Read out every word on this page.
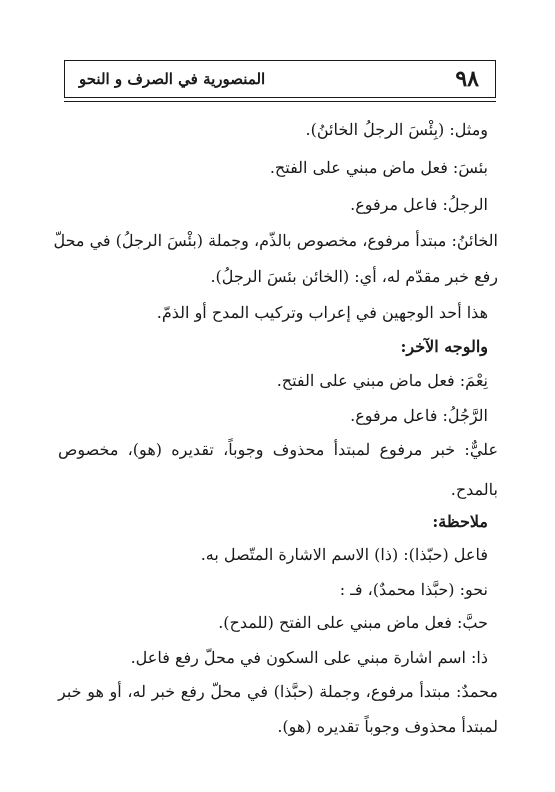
٩٨
المنصورية في الصرف و النحو
ومثل: (بِئْسَ الرجلُ الخائنُ).
بئسَ: فعل ماض مبني على الفتح.
الرجلُ: فاعل مرفوع.
الخائنُ: مبتدأ مرفوع، مخصوص بالذّم، وجملة (بئْسَ الرجلُ) في محلّ
رفع خبر مقدّم له، أي: (الخائن بئسَ الرجلُ).
هذا أحد الوجهين في إعراب وتركيب المدح أو الذمّ.
والوجه الآخر:
نِعْمَ: فعل ماض مبني على الفتح.
الرَّجُلُ: فاعل مرفوع.
عليٌّ: خبر مرفوع لمبتدأ محذوف وجوباً، تقديره (هو)، مخصوص
بالمدح.
ملاحظة:
فاعل (حبّذا): (ذا) الاسم الاشارة المتّصل به.
نحو: (حبَّذا محمدٌ)، فـ :
حبَّ: فعل ماض مبني على الفتح (للمدح).
ذا: اسم اشارة مبني على السكون في محلّ رفع فاعل.
محمدٌ: مبتدأ مرفوع، وجملة (حبَّذا) في محلّ رفع خبر له، أو هو خبر
لمبتدأ محذوف وجوباً تقديره (هو).
